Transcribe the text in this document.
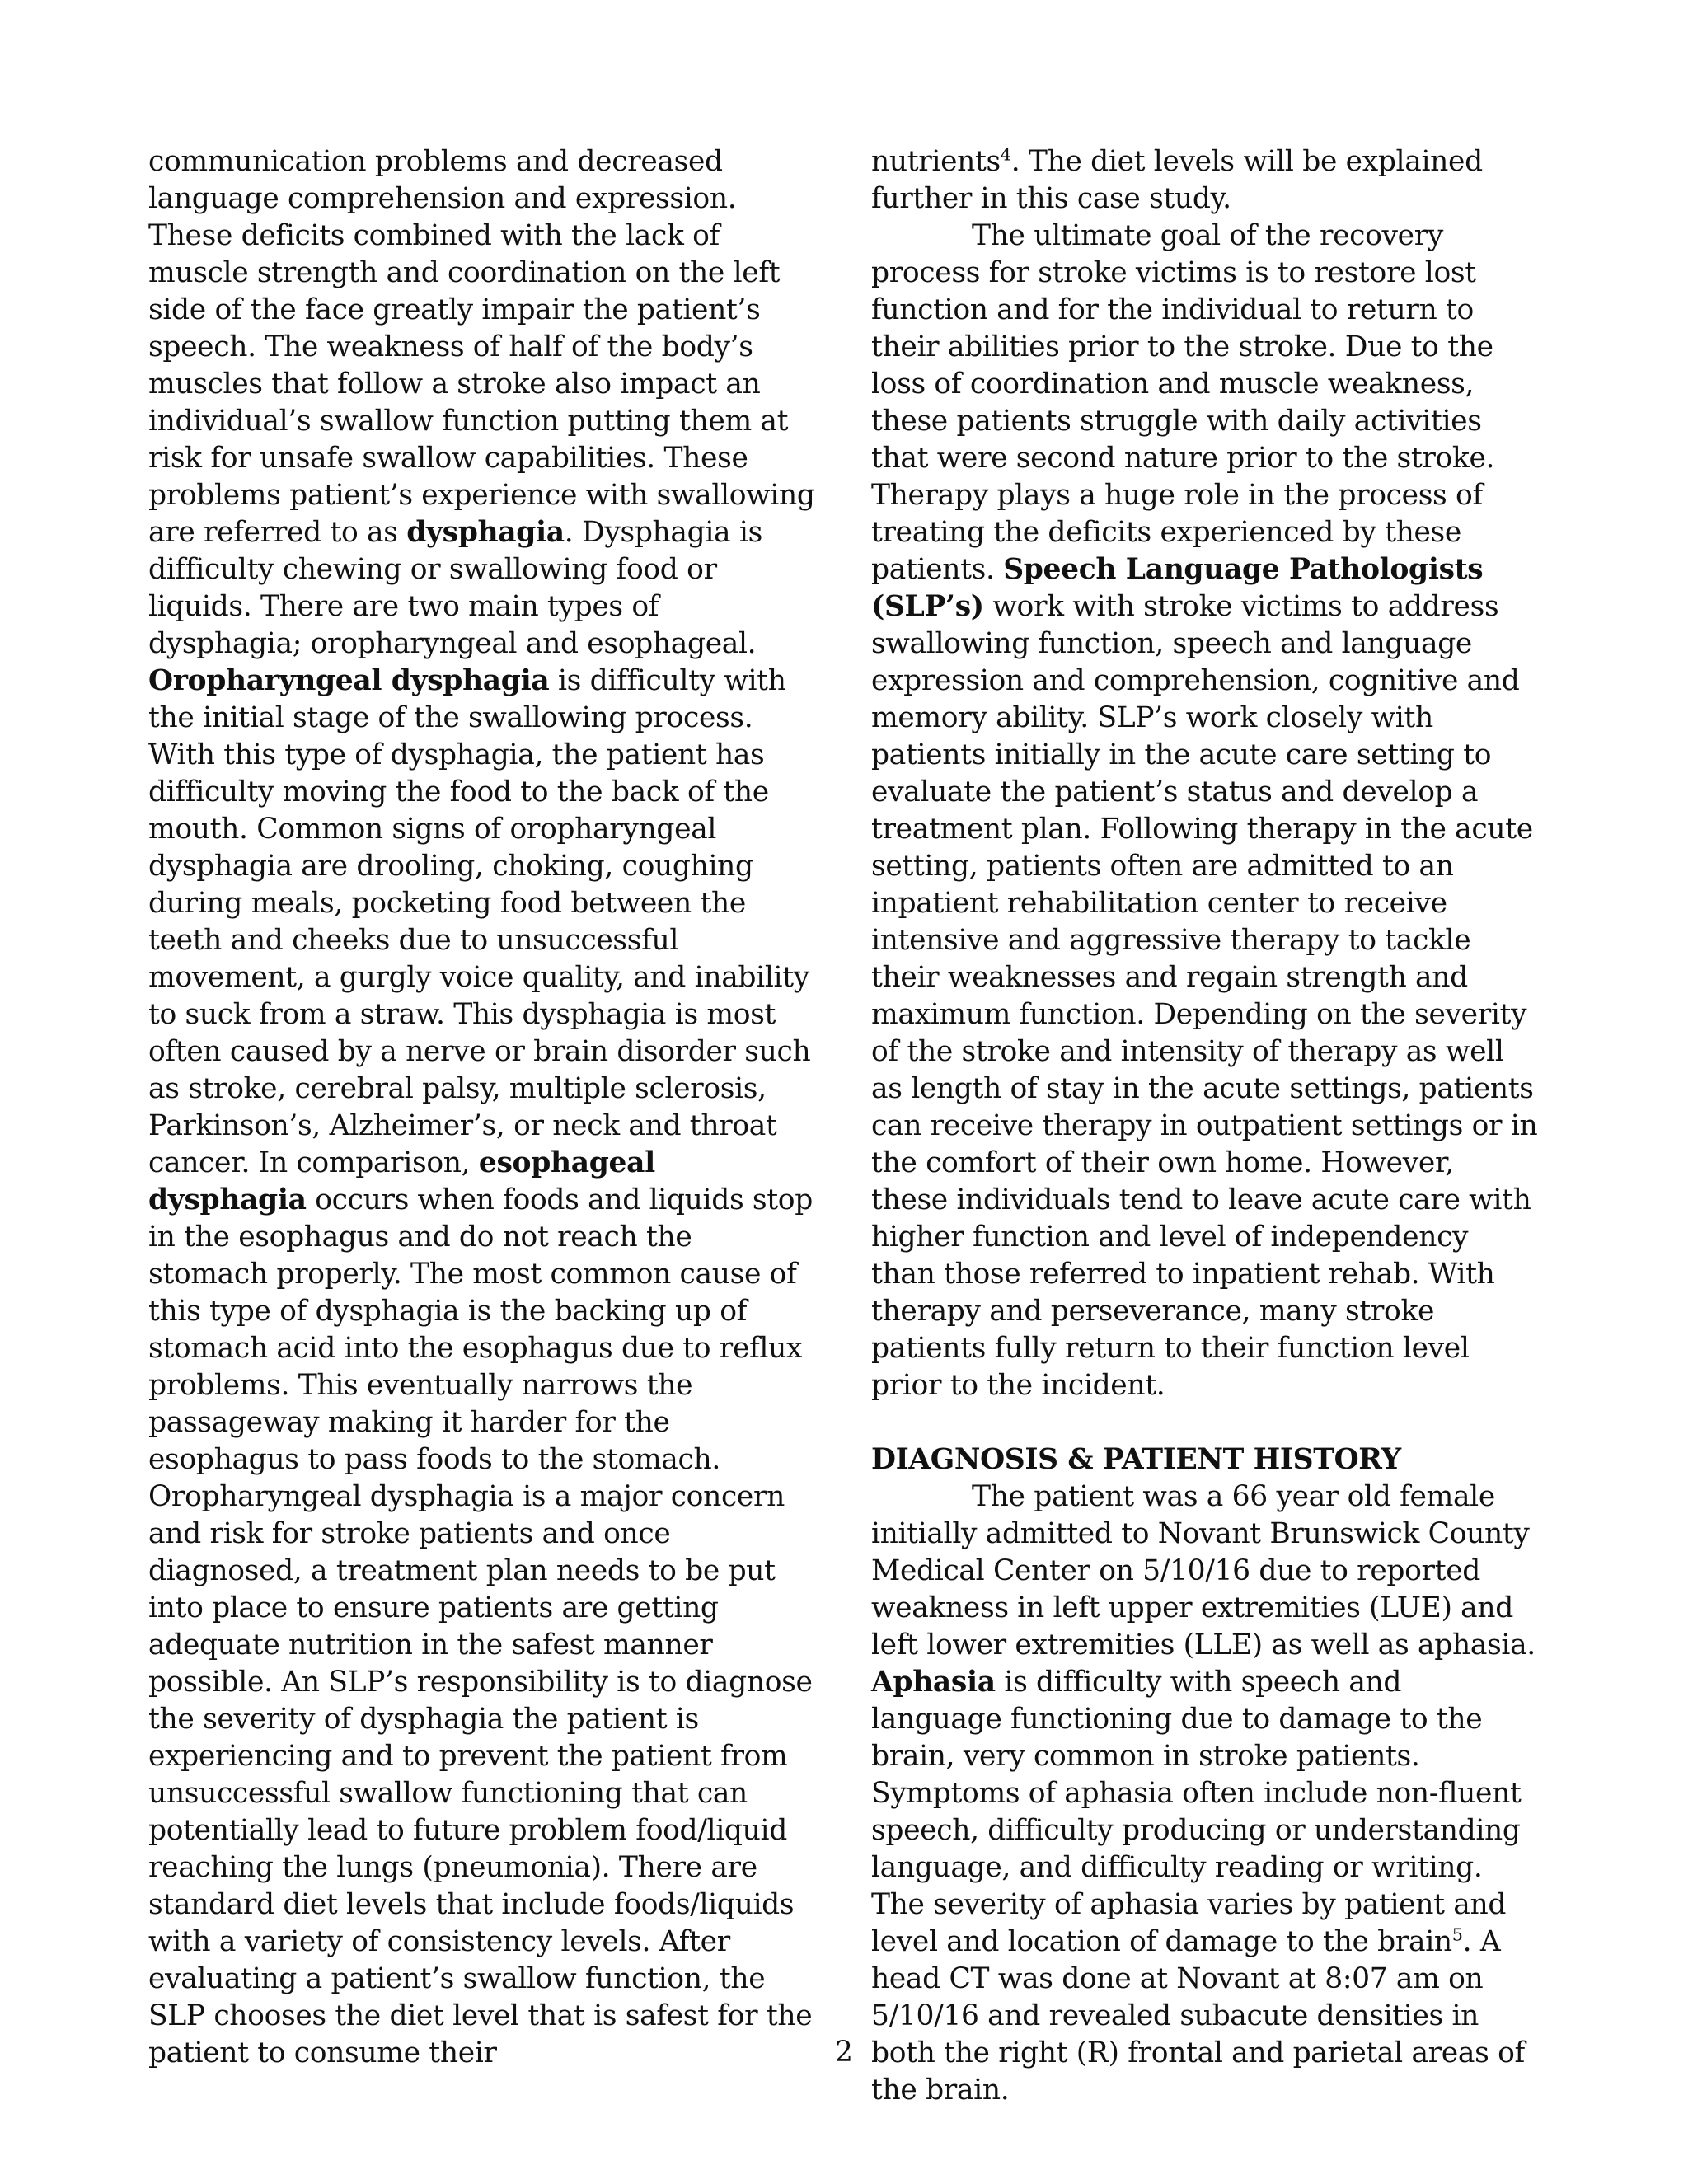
communication problems and decreased language comprehension and expression. These deficits combined with the lack of muscle strength and coordination on the left side of the face greatly impair the patient’s speech. The weakness of half of the body’s muscles that follow a stroke also impact an individual’s swallow function putting them at risk for unsafe swallow capabilities. These problems patient’s experience with swallowing are referred to as dysphagia. Dysphagia is difficulty chewing or swallowing food or liquids. There are two main types of dysphagia; oropharyngeal and esophageal. Oropharyngeal dysphagia is difficulty with the initial stage of the swallowing process. With this type of dysphagia, the patient has difficulty moving the food to the back of the mouth. Common signs of oropharyngeal dysphagia are drooling, choking, coughing during meals, pocketing food between the teeth and cheeks due to unsuccessful movement, a gurgly voice quality, and inability to suck from a straw. This dysphagia is most often caused by a nerve or brain disorder such as stroke, cerebral palsy, multiple sclerosis, Parkinson’s, Alzheimer’s, or neck and throat cancer. In comparison, esophageal dysphagia occurs when foods and liquids stop in the esophagus and do not reach the stomach properly. The most common cause of this type of dysphagia is the backing up of stomach acid into the esophagus due to reflux problems. This eventually narrows the passageway making it harder for the esophagus to pass foods to the stomach. Oropharyngeal dysphagia is a major concern and risk for stroke patients and once diagnosed, a treatment plan needs to be put into place to ensure patients are getting adequate nutrition in the safest manner possible. An SLP’s responsibility is to diagnose the severity of dysphagia the patient is experiencing and to prevent the patient from unsuccessful swallow functioning that can potentially lead to future problem food/liquid reaching the lungs (pneumonia). There are standard diet levels that include foods/liquids with a variety of consistency levels. After evaluating a patient’s swallow function, the SLP chooses the diet level that is safest for the patient to consume their

nutrients$^4$. The diet levels will be explained further in this case study.

The ultimate goal of the recovery process for stroke victims is to restore lost function and for the individual to return to their abilities prior to the stroke. Due to the loss of coordination and muscle weakness, these patients struggle with daily activities that were second nature prior to the stroke. Therapy plays a huge role in the process of treating the deficits experienced by these patients. Speech Language Pathologists (SLP’s) work with stroke victims to address swallowing function, speech and language expression and comprehension, cognitive and memory ability. SLP’s work closely with patients initially in the acute care setting to evaluate the patient’s status and develop a treatment plan. Following therapy in the acute setting, patients often are admitted to an inpatient rehabilitation center to receive intensive and aggressive therapy to tackle their weaknesses and regain strength and maximum function. Depending on the severity of the stroke and intensity of therapy as well as length of stay in the acute settings, patients can receive therapy in outpatient settings or in the comfort of their own home. However, these individuals tend to leave acute care with higher function and level of independency than those referred to inpatient rehab. With therapy and perseverance, many stroke patients fully return to their function level prior to the incident.

DIAGNOSIS & PATIENT HISTORY

The patient was a 66 year old female initially admitted to Novant Brunswick County Medical Center on 5/10/16 due to reported weakness in left upper extremities (LUE) and left lower extremities (LLE) as well as aphasia. Aphasia is difficulty with speech and language functioning due to damage to the brain, very common in stroke patients. Symptoms of aphasia often include non-fluent speech, difficulty producing or understanding language, and difficulty reading or writing. The severity of aphasia varies by patient and level and location of damage to the brain$^5$. A head CT was done at Novant at 8:07 am on 5/10/16 and revealed subacute densities in both the right (R) frontal and parietal areas of the brain.

2
